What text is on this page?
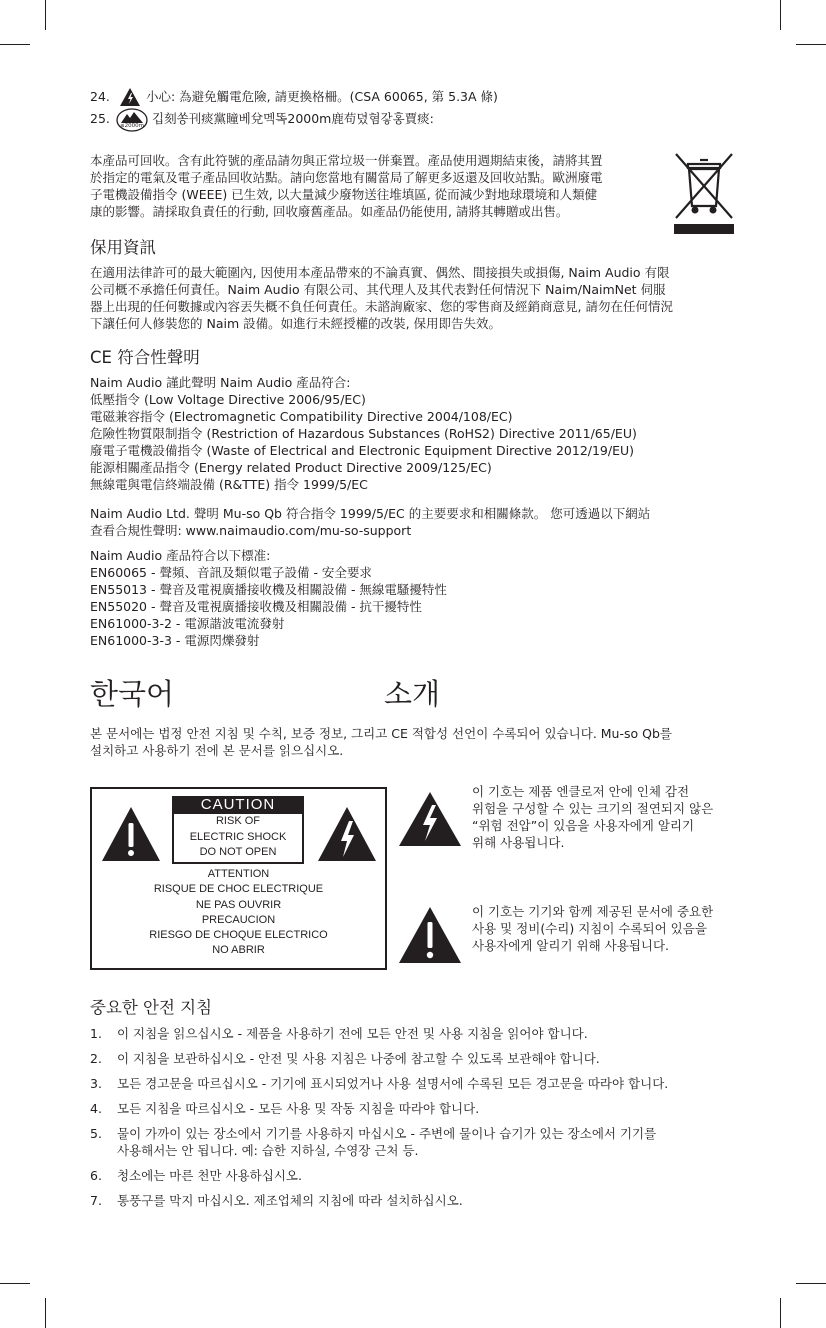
24.	小心: 為避免觸電危險, 請更換格柵。(CSA 60065, 第 5.3A 條)
25.	≤2000m 깁刻쏭刊痰黨瞳베兌멕똑2000m鹿苟뎠혐갛홍賈痰:
本產品可回收。含有此符號的產品請勿與正常垃圾一併棄置。產品使用週期結束後，請將其置
於指定的電氣及電子產品回收站點。請向您當地有關當局了解更多返還及回收站點。歐洲廢電
子電機設備指令 (WEEE) 已生效, 以大量減少廢物送往堆填區, 從而減少對地球環境和人類健
康的影響。請採取負責任的行動, 回收廢舊產品。如產品仍能使用, 請將其轉贈或出售。
保用資訊
在適用法律許可的最大範圍內, 因使用本產品帶來的不論真實、偶然、間接損失或損傷, Naim Audio 有限
公司概不承擔任何責任。Naim Audio 有限公司、其代理人及其代表對任何情況下 Naim/NaimNet 伺服
器上出現的任何數據或內容丟失概不負任何責任。未諮詢廠家、您的零售商及經銷商意見, 請勿在任何情況
下讓任何人修裝您的 Naim 設備。如進行未經授權的改裝, 保用即告失效。
CE 符合性聲明
Naim Audio 謹此聲明 Naim Audio 產品符合:
低壓指令 (Low Voltage Directive 2006/95/EC)
電磁兼容指令 (Electromagnetic Compatibility Directive 2004/108/EC)
危險性物質限制指令 (Restriction of Hazardous Substances (RoHS2) Directive 2011/65/EU)
廢電子電機設備指令 (Waste of Electrical and Electronic Equipment Directive 2012/19/EU)
能源相關產品指令 (Energy related Product Directive 2009/125/EC)
無線電與電信終端設備 (R&TTE) 指令 1999/5/EC
Naim Audio Ltd. 聲明 Mu-so Qb 符合指令 1999/5/EC 的主要要求和相關條款。 您可透過以下網站
查看合規性聲明: www.naimaudio.com/mu-so-support
Naim Audio 產品符合以下標准:
EN60065 - 聲頻、音訊及類似電子設備 - 安全要求
EN55013 - 聲音及電視廣播接收機及相關設備 - 無線電騷擾特性
EN55020 - 聲音及電視廣播接收機及相關設備 - 抗干擾特性
EN61000-3-2 - 電源諧波電流發射
EN61000-3-3 - 電源閃爍發射
한국어	소개
본 문서에는 법정 안전 지침 및 수칙, 보증 정보, 그리고 CE 적합성 선언이 수록되어 있습니다. Mu-so Qb를
설치하고 사용하기 전에 본 문서를 읽으십시오.
CAUTION
RISK OF
ELECTRIC SHOCK
DO NOT OPEN
ATTENTION
RISQUE DE CHOC ELECTRIQUE
NE PAS OUVRIR
PRECAUCION
RIESGO DE CHOQUE ELECTRICO
NO ABRIR
이 기호는 제품 엔클로저 안에 인체 감전
위험을 구성할 수 있는 크기의 절연되지 않은
“위험 전압”이 있음을 사용자에게 알리기
위해 사용됩니다.
이 기호는 기기와 함께 제공된 문서에 중요한
사용 및 정비(수리) 지침이 수록되어 있음을
사용자에게 알리기 위해 사용됩니다.
중요한 안전 지침
1.	이 지침을 읽으십시오 - 제품을 사용하기 전에 모든 안전 및 사용 지침을 읽어야 합니다.
2.	이 지침을 보관하십시오 - 안전 및 사용 지침은 나중에 참고할 수 있도록 보관해야 합니다.
3.	모든 경고문을 따르십시오 - 기기에 표시되었거나 사용 설명서에 수록된 모든 경고문을 따라야 합니다.
4.	모든 지침을 따르십시오 - 모든 사용 및 작동 지침을 따라야 합니다.
5.	물이 가까이 있는 장소에서 기기를 사용하지 마십시오 - 주변에 물이나 습기가 있는 장소에서 기기를
사용해서는 안 됩니다. 예: 습한 지하실, 수영장 근처 등.
6.	청소에는 마른 천만 사용하십시오.
7.	통풍구를 막지 마십시오. 제조업체의 지침에 따라 설치하십시오.
